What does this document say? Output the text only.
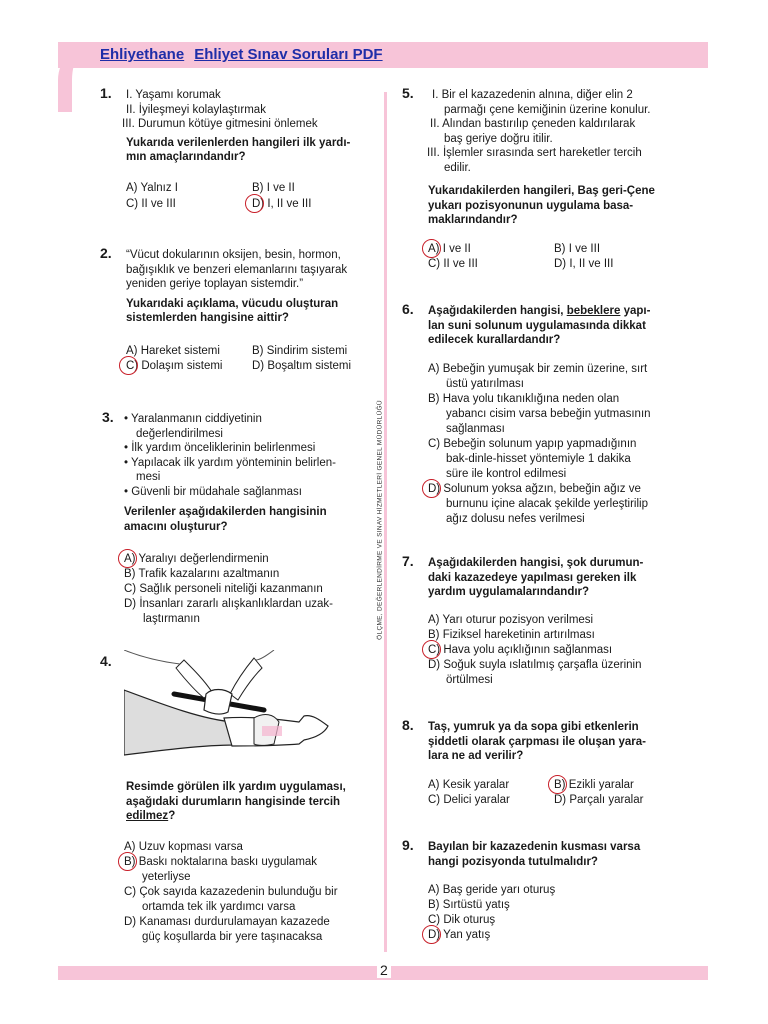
Ehliyethane Ehliyet Sınav Soruları PDF
ÖLÇME, DEĞERLENDİRME VE SINAV HİZMETLERİ GENEL MÜDÜRLÜĞÜ
1. I. Yaşamı korumak
II. İyileşmeyi kolaylaştırmak
III. Durumun kötüye gitmesini önlemek
Yukarıda verilenlerden hangileri ilk yardı-
mın amaçlarındandır?
A) Yalnız I	B) I ve II
C) II ve III	D) I, II ve III
2. “Vücut dokularının oksijen, besin, hormon,
bağışıklık ve benzeri elemanlarını taşıyarak
yeniden geriye toplayan sistemdir.”
Yukarıdaki açıklama, vücudu oluşturan
sistemlerden hangisine aittir?
A) Hareket sistemi	B) Sindirim sistemi
C) Dolaşım sistemi	D) Boşaltım sistemi
3. • Yaralanmanın ciddiyetinin
değerlendirilmesi
• İlk yardım önceliklerinin belirlenmesi
• Yapılacak ilk yardım yönteminin belirlen-
mesi
• Güvenli bir müdahale sağlanması
Verilenler aşağıdakilerden hangisinin
amacını oluşturur?
A) Yaralıyı değerlendirmenin
B) Trafik kazalarını azaltmanın
C) Sağlık personeli niteliği kazanmanın
D) İnsanları zararlı alışkanlıklardan uzak-
laştırmanın
4.
Resimde görülen ilk yardım uygulaması,
aşağıdaki durumların hangisinde tercih
edilmez?
A) Uzuv kopması varsa
B) Baskı noktalarına baskı uygulamak
yeterliyse
C) Çok sayıda kazazedenin bulunduğu bir
ortamda tek ilk yardımcı varsa
D) Kanaması durdurulamayan kazazede
güç koşullarda bir yere taşınacaksa
5. I. Bir el kazazedenin alnına, diğer elin 2
parmağı çene kemiğinin üzerine konulur.
II. Alından bastırılıp çeneden kaldırılarak
baş geriye doğru itilir.
III. İşlemler sırasında sert hareketler tercih
edilir.
Yukarıdakilerden hangileri, Baş geri-Çene
yukarı pozisyonunun uygulama basa-
maklarındandır?
A) I ve II	B) I ve III
C) II ve III	D) I, II ve III
6. Aşağıdakilerden hangisi, bebeklere yapı-
lan suni solunum uygulamasında dikkat
edilecek kurallardandır?
A) Bebeğin yumuşak bir zemin üzerine, sırt
üstü yatırılması
B) Hava yolu tıkanıklığına neden olan
yabancı cisim varsa bebeğin yutmasının
sağlanması
C) Bebeğin solunum yapıp yapmadığının
bak-dinle-hisset yöntemiyle 1 dakika
süre ile kontrol edilmesi
D) Solunum yoksa ağzın, bebeğin ağız ve
burnunu içine alacak şekilde yerleştirilip
ağız dolusu nefes verilmesi
7. Aşağıdakilerden hangisi, şok durumun-
daki kazazedeye yapılması gereken ilk
yardım uygulamalarındandır?
A) Yarı oturur pozisyon verilmesi
B) Fiziksel hareketinin artırılması
C) Hava yolu açıklığının sağlanması
D) Soğuk suyla ıslatılmış çarşafla üzerinin
örtülmesi
8. Taş, yumruk ya da sopa gibi etkenlerin
şiddetli olarak çarpması ile oluşan yara-
lara ne ad verilir?
A) Kesik yaralar	B) Ezikli yaralar
C) Delici yaralar	D) Parçalı yaralar
9. Bayılan bir kazazedenin kusması varsa
hangi pozisyonda tutulmalıdır?
A) Baş geride yarı oturuş
B) Sırtüstü yatış
C) Dik oturuş
D) Yan yatış
2
